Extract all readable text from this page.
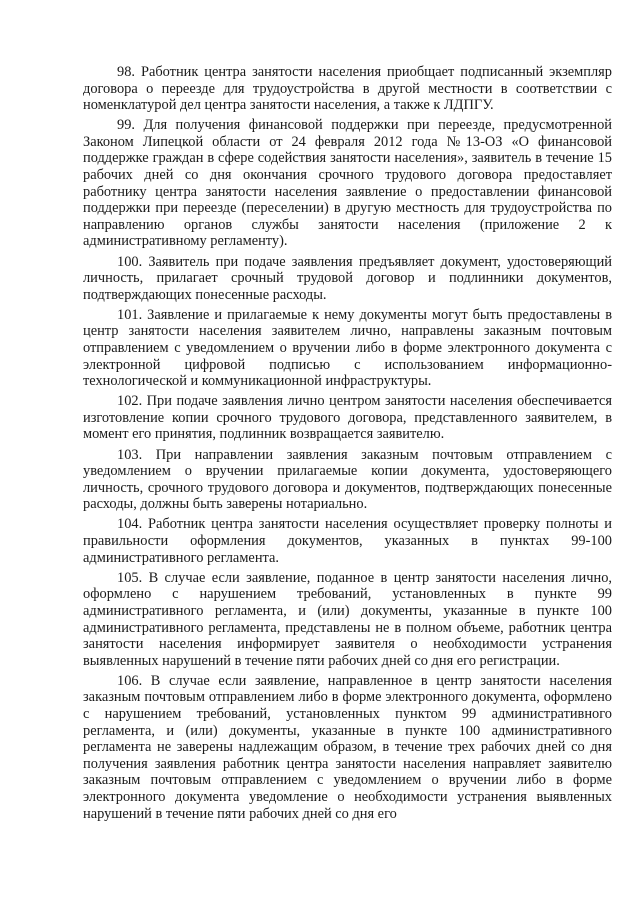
98. Работник центра занятости населения приобщает подписанный экземпляр договора о переезде для трудоустройства в другой местности в соответствии с номенклатурой дел центра занятости населения, а также к ЛДПГУ.

99. Для получения финансовой поддержки при переезде, предусмотренной Законом Липецкой области от 24 февраля 2012 года №13-ОЗ «О финансовой поддержке граждан в сфере содействия занятости населения», заявитель в течение 15 рабочих дней со дня окончания срочного трудового договора предоставляет работнику центра занятости населения заявление о предоставлении финансовой поддержки при переезде (переселении) в другую местность для трудоустройства по направлению органов службы занятости населения (приложение 2 к административному регламенту).

100. Заявитель при подаче заявления предъявляет документ, удостоверяющий личность, прилагает срочный трудовой договор и подлинники документов, подтверждающих понесенные расходы.

101. Заявление и прилагаемые к нему документы могут быть предоставлены в центр занятости населения заявителем лично, направлены заказным почтовым отправлением с уведомлением о вручении либо в форме электронного документа с электронной цифровой подписью с использованием информационно-технологической и коммуникационной инфраструктуры.

102. При подаче заявления лично центром занятости населения обеспечивается изготовление копии срочного трудового договора, представленного заявителем, в момент его принятия, подлинник возвращается заявителю.

103. При направлении заявления заказным почтовым отправлением с уведомлением о вручении прилагаемые копии документа, удостоверяющего личность, срочного трудового договора и документов, подтверждающих понесенные расходы, должны быть заверены нотариально.

104. Работник центра занятости населения осуществляет проверку полноты и правильности оформления документов, указанных в пунктах 99-100 административного регламента.

105. В случае если заявление, поданное в центр занятости населения лично, оформлено с нарушением требований, установленных в пункте 99 административного регламента, и (или) документы, указанные в пункте 100 административного регламента, представлены не в полном объеме, работник центра занятости населения информирует заявителя о необходимости устранения выявленных нарушений в течение пяти рабочих дней со дня его регистрации.

106. В случае если заявление, направленное в центр занятости населения заказным почтовым отправлением либо в форме электронного документа, оформлено с нарушением требований, установленных пунктом 99 административного регламента, и (или) документы, указанные в пункте 100 административного регламента не заверены надлежащим образом, в течение трех рабочих дней со дня получения заявления работник центра занятости населения направляет заявителю заказным почтовым отправлением с уведомлением о вручении либо в форме электронного документа уведомление о необходимости устранения выявленных нарушений в течение пяти рабочих дней со дня его
